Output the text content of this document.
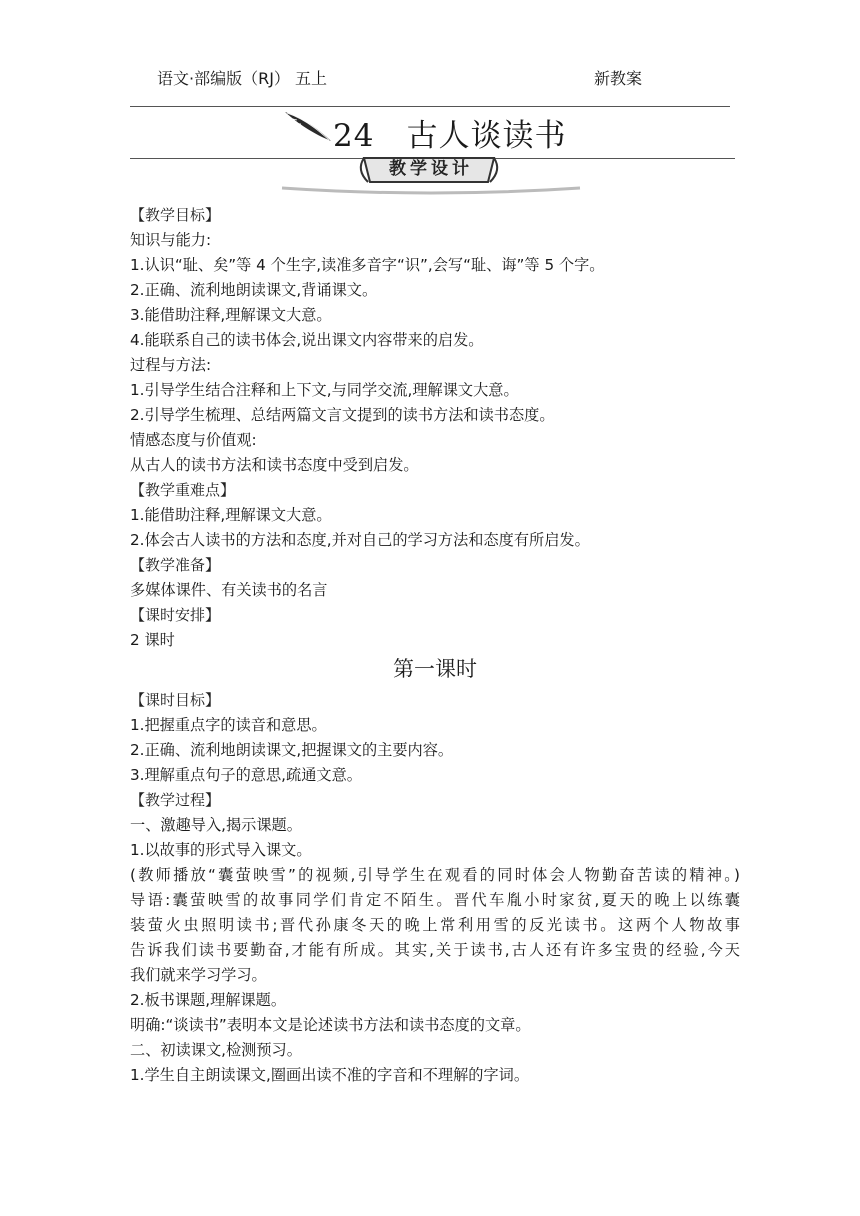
语文·部编版（RJ） 五上	新教案
24　古人谈读书
教学设计
【教学目标】
知识与能力:
1.认识“耻、矣”等 4 个生字,读准多音字“识”,会写“耻、诲”等 5 个字。
2.正确、流利地朗读课文,背诵课文。
3.能借助注释,理解课文大意。
4.能联系自己的读书体会,说出课文内容带来的启发。
过程与方法:
1.引导学生结合注释和上下文,与同学交流,理解课文大意。
2.引导学生梳理、总结两篇文言文提到的读书方法和读书态度。
情感态度与价值观:
从古人的读书方法和读书态度中受到启发。
【教学重难点】
1.能借助注释,理解课文大意。
2.体会古人读书的方法和态度,并对自己的学习方法和态度有所启发。
【教学准备】
多媒体课件、有关读书的名言
【课时安排】
2 课时
第一课时
【课时目标】
1.把握重点字的读音和意思。
2.正确、流利地朗读课文,把握课文的主要内容。
3.理解重点句子的意思,疏通文意。
【教学过程】
一、激趣导入,揭示课题。
1.以故事的形式导入课文。
(教师播放“囊萤映雪”的视频,引导学生在观看的同时体会人物勤奋苦读的精神。)
导语:囊萤映雪的故事同学们肯定不陌生。晋代车胤小时家贫,夏天的晚上以练囊
装萤火虫照明读书;晋代孙康冬天的晚上常利用雪的反光读书。这两个人物故事
告诉我们读书要勤奋,才能有所成。其实,关于读书,古人还有许多宝贵的经验,今天
我们就来学习学习。
2.板书课题,理解课题。
明确:“谈读书”表明本文是论述读书方法和读书态度的文章。
二、初读课文,检测预习。
1.学生自主朗读课文,圈画出读不准的字音和不理解的字词。
